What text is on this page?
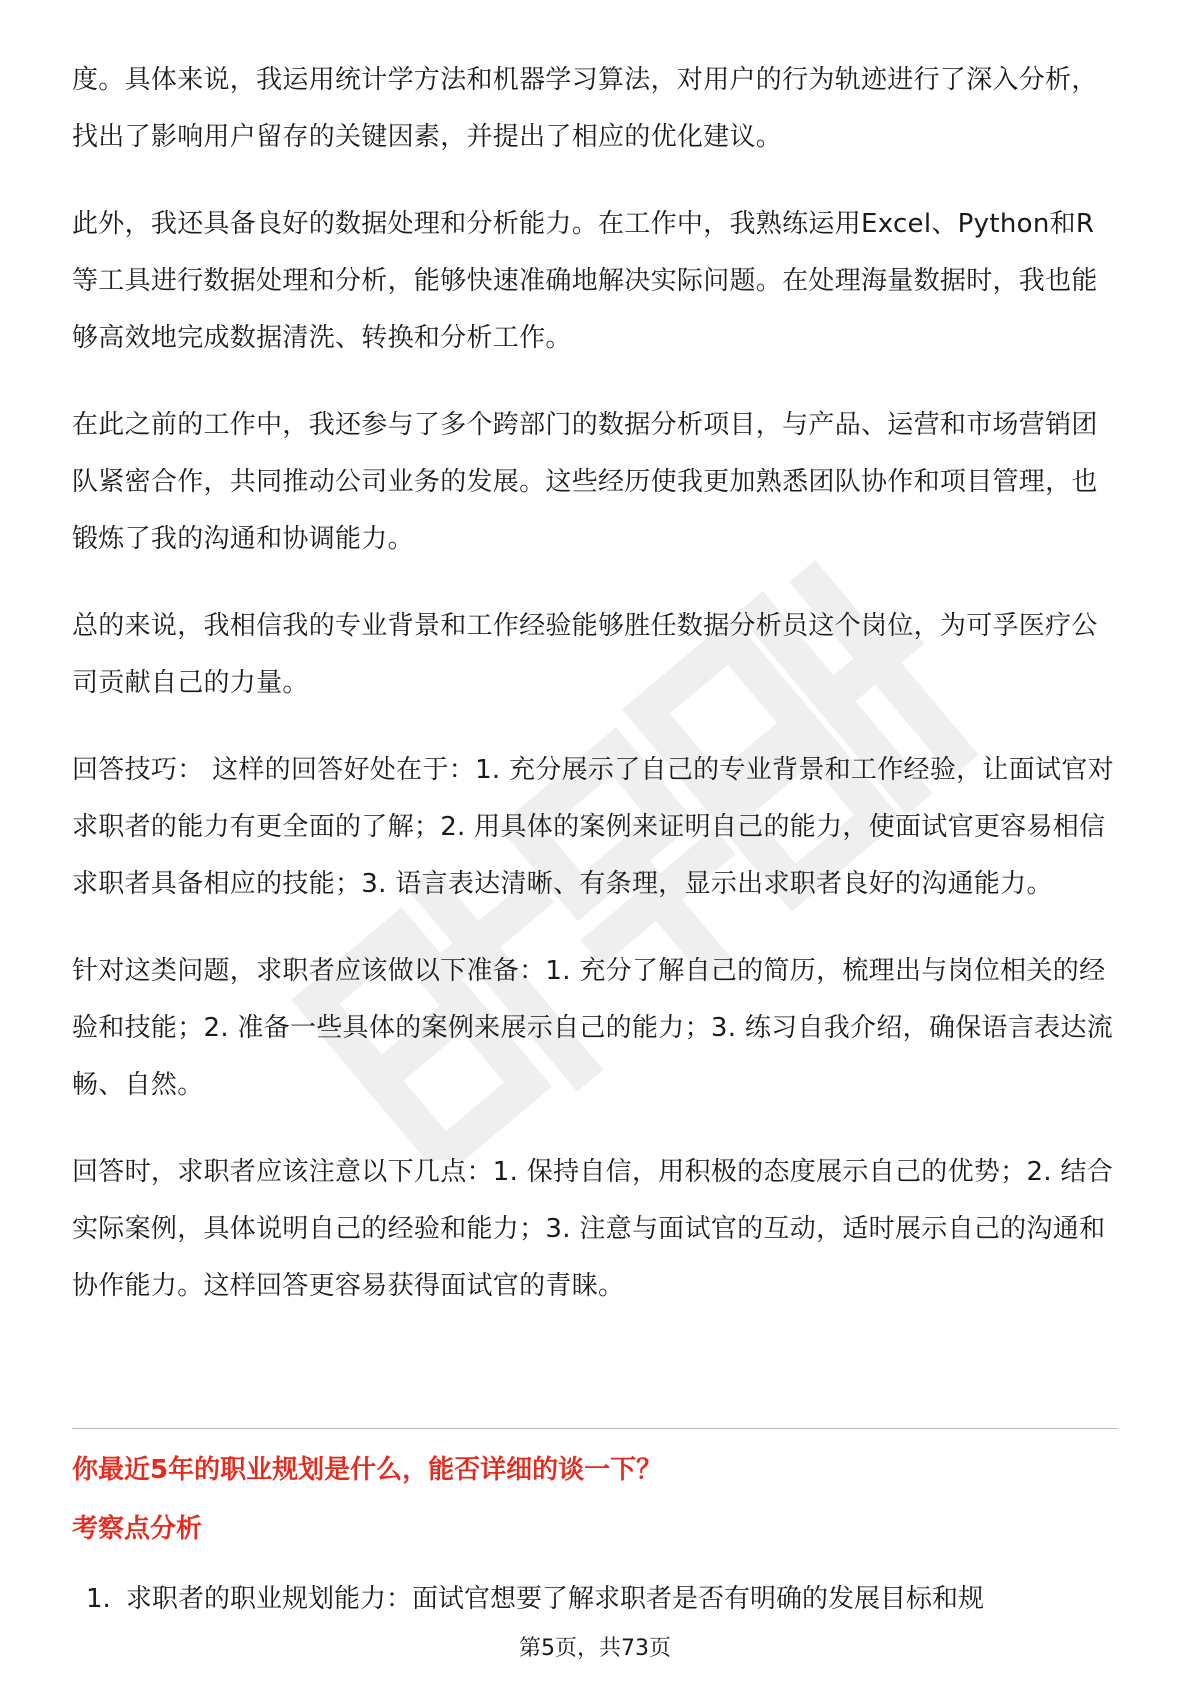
度。具体来说，我运用统计学方法和机器学习算法，对用户的行为轨迹进行了深入分析，找出了影响用户留存的关键因素，并提出了相应的优化建议。

此外，我还具备良好的数据处理和分析能力。在工作中，我熟练运用Excel、Python和R等工具进行数据处理和分析，能够快速准确地解决实际问题。在处理海量数据时，我也能够高效地完成数据清洗、转换和分析工作。

在此之前的工作中，我还参与了多个跨部门的数据分析项目，与产品、运营和市场营销团队紧密合作，共同推动公司业务的发展。这些经历使我更加熟悉团队协作和项目管理，也锻炼了我的沟通和协调能力。

总的来说，我相信我的专业背景和工作经验能够胜任数据分析员这个岗位，为可孚医疗公司贡献自己的力量。

回答技巧： 这样的回答好处在于：1. 充分展示了自己的专业背景和工作经验，让面试官对求职者的能力有更全面的了解；2. 用具体的案例来证明自己的能力，使面试官更容易相信求职者具备相应的技能；3. 语言表达清晰、有条理，显示出求职者良好的沟通能力。

针对这类问题，求职者应该做以下准备：1. 充分了解自己的简历，梳理出与岗位相关的经验和技能；2. 准备一些具体的案例来展示自己的能力；3. 练习自我介绍，确保语言表达流畅、自然。

回答时，求职者应该注意以下几点：1. 保持自信，用积极的态度展示自己的优势；2. 结合实际案例，具体说明自己的经验和能力；3. 注意与面试官的互动，适时展示自己的沟通和协作能力。这样回答更容易获得面试官的青睐。

你最近5年的职业规划是什么，能否详细的谈一下？
考察点分析
1. 求职者的职业规划能力：面试官想要了解求职者是否有明确的发展目标和规
第5页，共73页
